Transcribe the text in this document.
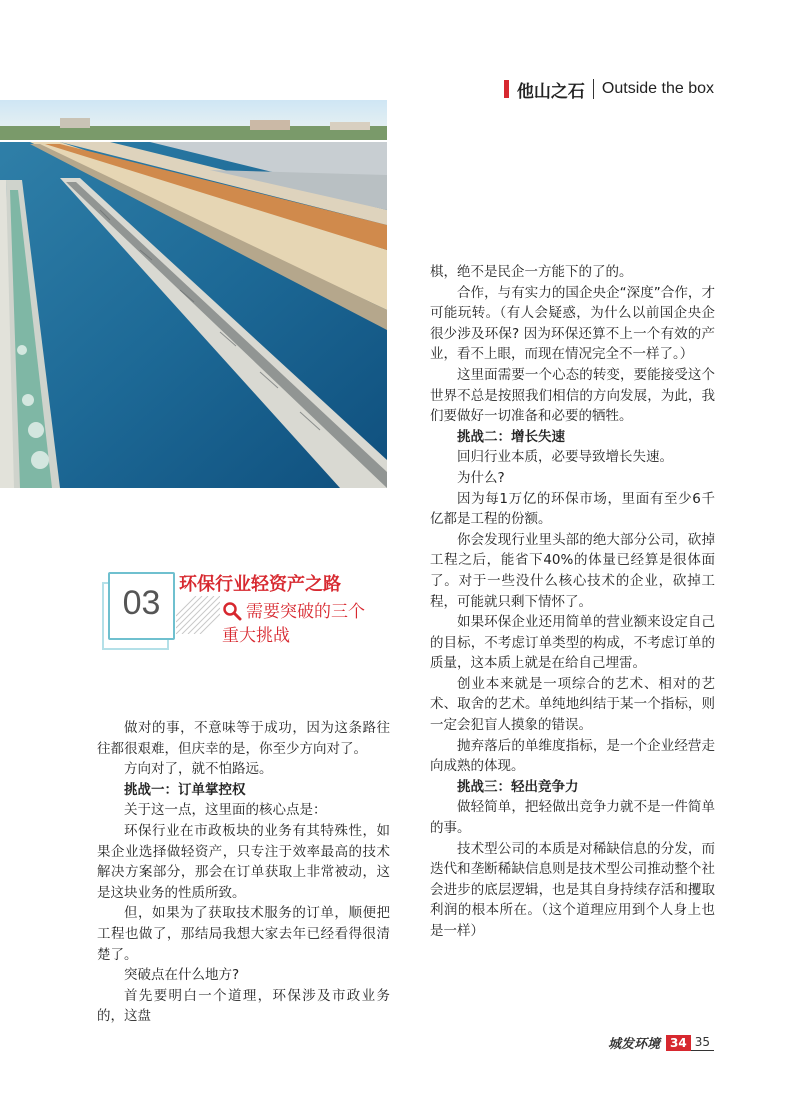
他山之石 Outside the box
03	环保行业轻资产之路
需要突破的三个重大挑战

做对的事，不意味等于成功，因为这条路往往都很艰难，但庆幸的是，你至少方向对了。

方向对了，就不怕路远。

挑战一：订单掌控权

关于这一点，这里面的核心点是：

环保行业在市政板块的业务有其特殊性，如果企业选择做轻资产，只专注于效率最高的技术解决方案部分，那会在订单获取上非常被动，这是这块业务的性质所致。

但，如果为了获取技术服务的订单，顺便把工程也做了，那结局我想大家去年已经看得很清楚了。

突破点在什么地方?

首先要明白一个道理，环保涉及市政业务的，这盘

棋，绝不是民企一方能下的了的。

合作，与有实力的国企央企“深度”合作，才可能玩转。（有人会疑惑，为什么以前国企央企很少涉及环保? 因为环保还算不上一个有效的产业，看不上眼，而现在情况完全不一样了。）

这里面需要一个心态的转变，要能接受这个世界不总是按照我们相信的方向发展，为此，我们要做好一切准备和必要的牺牲。

挑战二：增长失速

回归行业本质，必要导致增长失速。

为什么?

因为每1万亿的环保市场，里面有至少6千亿都是工程的份额。

你会发现行业里头部的绝大部分公司，砍掉工程之后，能省下40%的体量已经算是很体面了。对于一些没什么核心技术的企业，砍掉工程，可能就只剩下情怀了。

如果环保企业还用简单的营业额来设定自己的目标，不考虑订单类型的构成，不考虑订单的质量，这本质上就是在给自己埋雷。

创业本来就是一项综合的艺术、相对的艺术、取舍的艺术。单纯地纠结于某一个指标，则一定会犯盲人摸象的错误。

抛弃落后的单维度指标，是一个企业经营走向成熟的体现。

挑战三：轻出竞争力

做轻简单，把轻做出竞争力就不是一件简单的事。

技术型公司的本质是对稀缺信息的分发，而迭代和垄断稀缺信息则是技术型公司推动整个社会进步的底层逻辑，也是其自身持续存活和攫取利润的根本所在。（这个道理应用到个人身上也是一样）

城发环境 34 35
